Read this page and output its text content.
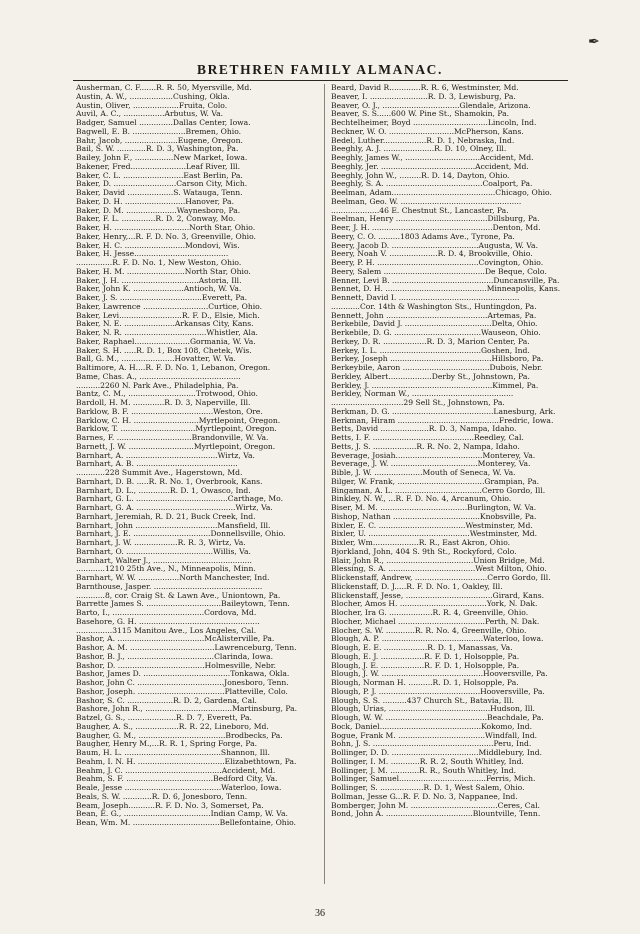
✒
BRETHREN FAMILY ALMANAC.
Ausherman, C. F.......R. R. 50, Myersville, Md.
Austin, A. W., ..................Cushing, Okla.
Austin, Oliver, ...................Fruita, Colo.
Auvil, A. C., .................Arbutus, W. Va.
Badger, Samuel ..............Dallas Center, Iowa.
Bagwell, E. B. ......................Bremen, Ohio.
Bahr, Jacob, ......................Eugene, Oregon.
Bail, S. W. ............R. D. 3, Washington, Pa.
Bailey, John F., ................New Market, Iowa.
Bakener, Fred.......................Leaf River, Ill.
Baker, C. L. .........................East Berlin, Pa.
Baker, D. ..........................Carson City, Mich.
Baker, David ...................S. Watauga, Tenn.
Baker, D. H. .........................Hanover, Pa.
Baker, D. M. .....................Waynesboro, Pa.
Baker, F. L. ..............R. D. 2, Conway, Mo.
Baker, H. ...............................North Star, Ohio.
Baker, Henry,...R. F. D. No. 3, Greenville, Ohio.
Baker, H. C. .........................Mondovi, Wis.
Baker, H. Jesse.......................................
...............R. F. D. No. 1, New Weston, Ohio.
Baker, H. M. ........................North Star, Ohio.
Baker, J. H. ................................Astoria, Ill.
Baker, John K. .....................Antioch, W. Va.
Baker, J. S. ..................................Everett, Pa.
Baker, Lawrence ...........................Curtice, Ohio.
Baker, Levi..........................R. F. D., Elsie, Mich.
Baker, N. E. .....................Arkansas City, Kans.
Baker, N. R. ..................................Whistler, Ala.
Baker, Raphael.......................Gormania, W. Va.
Baker, S. H. .....R. D. 1, Box 108, Chetek, Wis.
Ball, G. M., ......................Hovatter, W. Va.
Baltimore, A. H....R. F. D. No. 1, Lebanon, Oregon.
Bame, Chas. A., ..........................................
..........2260 N. Park Ave., Philadelphia, Pa.
Bantz, C. M., ............................Trotwood, Ohio.
Bardoll, H. M. .............R. D. 3, Naperville, Ill.
Barklow, B. F. ..................................Weston, Ore.
Barklow, C. H. ...........................Myrtlepoint, Oregon.
Barklow, T. ...............................Myrtlepoint, Oregon.
Barnes, F. ...............................Brandonville, W. Va.
Barnett, J. W. ...........................Myrtlepoint, Oregon.
Barnhart, A. ......................................Wirtz, Va.
Barnhart, A. B. ..........................................
............228 Summit Ave., Hagerstown, Md.
Barnhart, D. B. .....R. R. No. 1, Overbrook, Kans.
Barnhart, D. L., .............R. D. 1, Owasco, Ind.
Barnhart, G. L. ......................................Carthage, Mo.
Barnhart, G. A. .........................................Wirtz, Va.
Barnhart, Jeremiah, R. D. 21, Buck Creek, Ind.
Barnhart, John ..................................Mansfield, Ill.
Barnhart, J. E. ................................Donnellsville, Ohio.
Barnhart, J. W. ..................R. R. 3, Wirtz, Va.
Barnhart, O. ....................................Willis, Va.
Barnhart, Walter J., .........................................
............1210 25th Ave., N., Minneapolis, Minn.
Barnhart, W. W. .................North Manchester, Ind.
Barnthouse, Jasper. .............................................
............8, cor. Craig St. & Lawn Ave., Uniontown, Pa.
Barrette James S. ...............................Baileytown, Tenn.
Barto, I., ......................................Cordova, Md.
Basehore, G. H. ..................................................
...............3115 Manitou Ave., Los Angeles, Cal.
Bashor, A. ....................................McAlisterville, Pa.
Bashor, A. M. ...................................Lawrenceburg, Tenn.
Bashor, B. J., ....................................Clarinda, Iowa.
Bashor, D. ....................................Holmesville, Nebr.
Bashor, James D. ....................................Tonkawa, Okla.
Bashor, John C. ....................................Jonesboro, Tenn.
Bashor, Joseph. ....................................Platteville, Colo.
Bashor, S. C. ...................R. D. 2, Gardena, Cal.
Bashore, John R., ....................................Martinsburg, Pa.
Batzel, G. S., ....................R. D. 7, Everett, Pa.
Baugher, A. S., ..................R. R. 22, Lineboro, Md.
Baugher, G. M., ....................................Brodbecks, Pa.
Baugher, Henry M.,...R. R. 1, Spring Forge, Pa.
Baum, H. L. ........................................Shannon, Ill.
Beahm, I. N. H. ....................................Elizabethtown, Pa.
Beahm, J. C. ........................................Accident, Md.
Beahm, S. F. ....................................Bedford City, Va.
Beale, Jesse ........................................Waterloo, Iowa.
Beals, S. W. ............R. D. 6, Jonesboro, Tenn.
Beam, Joseph...........R. F. D. No. 3, Somerset, Pa.
Bean, E. G., ....................................Indian Camp, W. Va.
Bean, Wm. M. ....................................Bellefontaine, Ohio.
Beard, David R.............R. R. 6, Westminster, Md.
Beaver, I. ........................R. D. 3, Lewisburg, Pa.
Beaver, O. J., ................................Glendale, Arizona.
Beaver, S. S......600 W. Pine St., Shamokin, Pa.
Bechtelheimer, Boyd ...............................Lincoln, Ind.
Beckner, W. O. ...........................McPherson, Kans.
Bedel, Luther..................R. D. 1, Nebraska, Ind.
Beeghly, A. J. .....................R. D. 10, Olney, Ill.
Beeghly, James W., ...............................Accident, Md.
Beeghly, Jer. .......................................Accident, Md.
Beeghly, John W., .........R. D. 14, Dayton, Ohio.
Beeghly, S. A. ........................................Coalport, Pa.
Beelman, Adam...........................................Chicago, Ohio.
Beelman, Geo. W. ..................................................
....................46 E. Chestnut St., Lancaster, Pa.
Beelman, Henry ......................................Dillsburg, Pa.
Beer, J. H. ..................................................Denton, Md.
Beery, C. O. .........1803 Adams Ave., Tyrone, Pa.
Beery, Jacob D. ....................................Augusta, W. Va.
Beery, Noah V. ....................R. D. 4, Brookville, Ohio.
Beery, P. H. ..........................................Covington, Ohio.
Beery, Salem ..........................................De Beque, Colo.
Benner, Levi B. ..........................................Duncansville, Pa.
Bennet, D. H. ..........................................Minneapolis, Kans.
Bennett, David I. ..................................................
............Cor. 14th & Washington Sts., Huntingdon, Pa.
Bennett, John ..........................................Artemas, Pa.
Berkebile, David J. ....................................Delta, Ohio.
Berkebile, D. G. ....................................Wauseon, Ohio.
Berkey, D. R. ..................R. D. 3, Marion Center, Pa.
Berkey, I. L. ..........................................Goshen, Ind.
Berkey, Joseph ..........................................Hillsboro, Pa.
Berkeybile, Aaron ....................................Dubois, Nebr.
Berkley, Albert..................Derby St., Johnstown, Pa.
Berkley, J. ..................................................Kimmel, Pa.
Berkley, Norman W., ..........................................
..............................29 Sell St., Johnstown, Pa.
Berkman, D. G. ..........................................Lanesburg, Ark.
Berkman, Hiram ..........................................Fredric, Iowa.
Betts, David ....................R. D. 3, Nampa, Idaho.
Betts, I. F. ..........................................Reedley, Cal.
Betts, J. S. ..................R. R. No. 2, Nampa, Idaho.
Beverage, Josiah....................................Monterey, Va.
Beverage, J. W. ....................................Monterey, Va.
Bible, J. W. ....................Mouth of Seneca, W. Va.
Bilger, W. Frank, ....................................Grampian, Pa.
Bingaman, A. L. ....................................Cerro Gordo, Ill.
Binkley, N. W., ...R. F. D. No. 4, Arcanum, Ohio.
Biser, M. M. ....................................Burlington, W. Va.
Bishop, Nathan ....................................Knobsville, Pa.
Bixler, E. C. ....................................Westminster, Md.
Bixler, U. ..........................................Westminster, Md.
Bixler, Wm...................R. R., East Akron, Ohio.
Bjorkland, John, 404 S. 9th St., Rockyford, Colo.
Blair, John R., ....................................Union Bridge, Md.
Blessing, S. A. ....................................West Milton, Ohio.
Blickenstaff, Andrew, ..............................Cerro Gordo, Ill.
Blickenstaff, D. J.....R. F. D. No. 1, Oakley, Ill.
Blickenstaff, Jesse, ....................................Girard, Kans.
Blocher, Amos H. ....................................York, N. Dak.
Blocher, Ira G. ..................R. R. 4, Greenville, Ohio.
Blocher, Michael ....................................Perth, N. Dak.
Blocher, S. W. ............R. R. No. 4, Greenville, Ohio.
Blough, A. P. ..........................................Waterloo, Iowa.
Blough, E. E. ..................R. D. 1, Manassas, Va.
Blough, E. J. ..................R. F. D. 1, Holsopple, Pa.
Blough, J. E. ..................R. F. D. 1, Holsopple, Pa.
Blough, J. W. ..........................................Hooversville, Pa.
Blough, Norman H. ..........R. D. 1, Holsopple, Pa.
Blough, P. J. ..........................................Hooversville, Pa.
Blough, S. S. ..........437 Church St., Batavia, Ill.
Blough, Urias, ..........................................Hudson, Ill.
Blough, W. W. ..........................................Beachdale, Pa.
Bock, Daniel..........................................Kokomo, Ind.
Bogue, Frank M. ....................................Windfall, Ind.
Bohn, J. S. ..................................................Peru, Ind.
Bollinger, D. D. ....................................Middlebury, Ind.
Bollinger, I. M. ............R. R. 2, South Whitley, Ind.
Bollinger, J. M. ............R. R., South Whitley, Ind.
Bollinger, Samuel....................................Ferris, Mich.
Bollinger, S. ..................R. D. 1, West Salem, Ohio.
Bollman, Jesse G...R. F. D. No. 3, Nappanee, Ind.
Bomberger, John M. ....................................Ceres, Cal.
Bond, John A. ....................................Blountville, Tenn.
36
